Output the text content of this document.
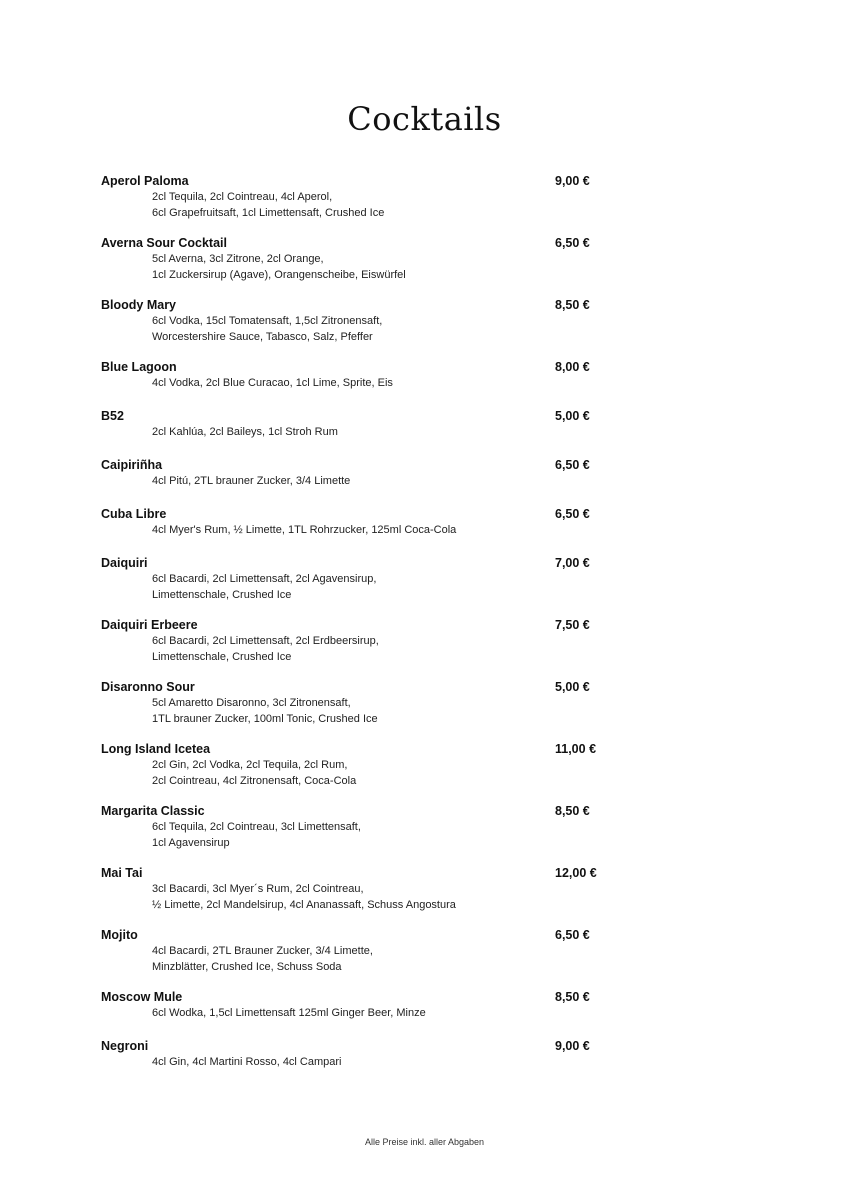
Cocktails
Aperol Paloma	9,00 €
2cl Tequila, 2cl Cointreau, 4cl Aperol,
6cl Grapefruitsaft, 1cl Limettensaft, Crushed Ice
Averna Sour Cocktail	6,50 €
5cl Averna, 3cl Zitrone, 2cl Orange,
1cl Zuckersirup (Agave), Orangenscheibe, Eiswürfel
Bloody Mary	8,50 €
6cl Vodka, 15cl Tomatensaft, 1,5cl Zitronensaft,
Worcestershire Sauce, Tabasco, Salz, Pfeffer
Blue Lagoon	8,00 €
4cl Vodka, 2cl Blue Curacao, 1cl Lime, Sprite, Eis
B52	5,00 €
2cl Kahlúa, 2cl Baileys, 1cl Stroh Rum
Caipiriñha	6,50 €
4cl Pitú, 2TL brauner Zucker, 3/4 Limette
Cuba Libre	6,50 €
4cl Myer's Rum, ½ Limette, 1TL Rohrzucker, 125ml Coca-Cola
Daiquiri	7,00 €
6cl Bacardi, 2cl Limettensaft, 2cl Agavensirup,
Limettenschale, Crushed Ice
Daiquiri Erbeere	7,50 €
6cl Bacardi, 2cl Limettensaft, 2cl Erdbeersirup,
Limettenschale, Crushed Ice
Disaronno Sour	5,00 €
5cl Amaretto Disaronno, 3cl Zitronensaft,
1TL brauner Zucker, 100ml Tonic, Crushed Ice
Long Island Icetea	11,00 €
2cl Gin, 2cl Vodka, 2cl Tequila, 2cl Rum,
2cl Cointreau, 4cl Zitronensaft, Coca-Cola
Margarita Classic	8,50 €
6cl Tequila, 2cl Cointreau, 3cl Limettensaft,
1cl Agavensirup
Mai Tai	12,00 €
3cl Bacardi, 3cl Myer´s Rum, 2cl Cointreau,
½ Limette, 2cl Mandelsirup, 4cl Ananassaft, Schuss Angostura
Mojito	6,50 €
4cl Bacardi, 2TL Brauner Zucker, 3/4 Limette,
Minzblätter, Crushed Ice, Schuss Soda
Moscow Mule	8,50 €
6cl Wodka, 1,5cl Limettensaft 125ml Ginger Beer, Minze
Negroni	9,00 €
4cl Gin, 4cl Martini Rosso, 4cl Campari
Alle Preise inkl. aller Abgaben
